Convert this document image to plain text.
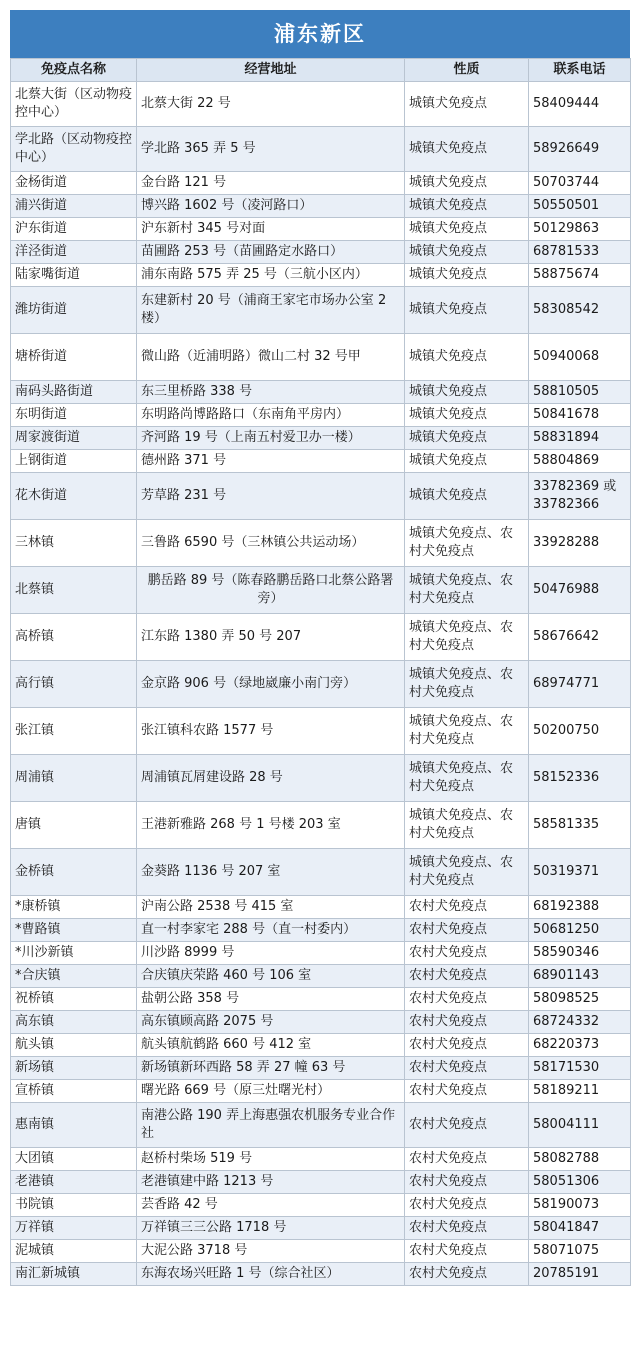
浦东新区
免疫点名称	经营地址	性质	联系电话
北蔡大街（区动物疫控中心）	北蔡大街 22 号	城镇犬免疫点	58409444
学北路（区动物疫控中心）	学北路 365 弄 5 号	城镇犬免疫点	58926649
金杨街道	金台路 121 号	城镇犬免疫点	50703744
浦兴街道	博兴路 1602 号（凌河路口）	城镇犬免疫点	50550501
沪东街道	沪东新村 345 号对面	城镇犬免疫点	50129863
洋泾街道	苗圃路 253 号（苗圃路定水路口）	城镇犬免疫点	68781533
陆家嘴街道	浦东南路 575 弄 25 号（三航小区内）	城镇犬免疫点	58875674
潍坊街道	东建新村 20 号（浦商王家宅市场办公室 2 楼）	城镇犬免疫点	58308542
塘桥街道	微山路（近浦明路）微山二村 32 号甲	城镇犬免疫点	50940068
南码头路街道	东三里桥路 338 号	城镇犬免疫点	58810505
东明街道	东明路尚博路路口（东南角平房内）	城镇犬免疫点	50841678
周家渡街道	齐河路 19 号（上南五村爱卫办一楼）	城镇犬免疫点	58831894
上钢街道	德州路 371 号	城镇犬免疫点	58804869
花木街道	芳草路 231 号	城镇犬免疫点	33782369 或 33782366
三林镇	三鲁路 6590 号（三林镇公共运动场）	城镇犬免疫点、农村犬免疫点	33928288
北蔡镇	鹏岳路 89 号（陈春路鹏岳路口北蔡公路署旁）	城镇犬免疫点、农村犬免疫点	50476988
高桥镇	江东路 1380 弄 50 号 207	城镇犬免疫点、农村犬免疫点	58676642
高行镇	金京路 906 号（绿地崴廉小南门旁）	城镇犬免疫点、农村犬免疫点	68974771
张江镇	张江镇科农路 1577 号	城镇犬免疫点、农村犬免疫点	50200750
周浦镇	周浦镇瓦屑建设路 28 号	城镇犬免疫点、农村犬免疫点	58152336
唐镇	王港新雅路 268 号 1 号楼 203 室	城镇犬免疫点、农村犬免疫点	58581335
金桥镇	金葵路 1136 号 207 室	城镇犬免疫点、农村犬免疫点	50319371
*康桥镇	沪南公路 2538 号 415 室	农村犬免疫点	68192388
*曹路镇	直一村李家宅 288 号（直一村委内）	农村犬免疫点	50681250
*川沙新镇	川沙路 8999 号	农村犬免疫点	58590346
*合庆镇	合庆镇庆荣路 460 号 106 室	农村犬免疫点	68901143
祝桥镇	盐朝公路 358 号	农村犬免疫点	58098525
高东镇	高东镇顾高路 2075 号	农村犬免疫点	68724332
航头镇	航头镇航鹤路 660 号 412 室	农村犬免疫点	68220373
新场镇	新场镇新环西路 58 弄 27 幢 63 号	农村犬免疫点	58171530
宣桥镇	曙光路 669 号（原三灶曙光村）	农村犬免疫点	58189211
惠南镇	南港公路 190 弄上海惠强农机服务专业合作社	农村犬免疫点	58004111
大团镇	赵桥村柴场 519 号	农村犬免疫点	58082788
老港镇	老港镇建中路 1213 号	农村犬免疫点	58051306
书院镇	芸香路 42 号	农村犬免疫点	58190073
万祥镇	万祥镇三三公路 1718 号	农村犬免疫点	58041847
泥城镇	大泥公路 3718 号	农村犬免疫点	58071075
南汇新城镇	东海农场兴旺路 1 号（综合社区）	农村犬免疫点	20785191
